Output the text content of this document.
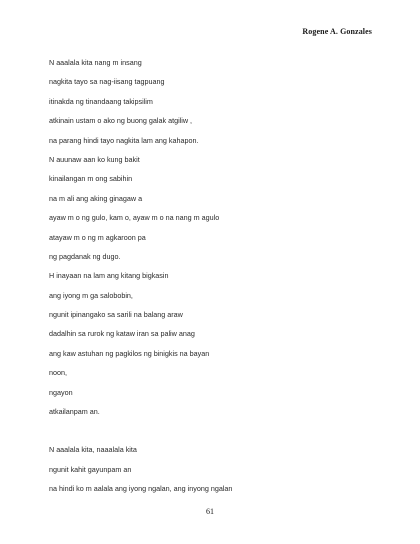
Rogene A. Gonzales
N aaalala kita nang m insang
nagkita tayo sa nag-iisang tagpuang
itinakda ng tinandaang takipsilim
atkinain ustam o ako ng buong galak atgiliw ,
na parang hindi tayo nagkita lam ang kahapon.
N auunaw aan ko kung bakit
kinailangan m ong sabihin
na m ali ang aking ginagaw a
ayaw m o ng gulo, kam o, ayaw m o na nang m agulo
atayaw m o ng m agkaroon pa
ng pagdanak ng dugo.
H inayaan na lam ang kitang bigkasin
ang iyong m ga salobobin,
ngunit ipinangako sa sarili na balang araw
dadalhin sa rurok ng kataw iran sa paliw anag
ang kaw astuhan ng pagkilos ng binigkis na bayan
noon,
ngayon
atkailanpam an.
N aaalala kita, naaalala kita
ngunit kahit gayunpam an
na hindi ko m aalala ang iyong ngalan, ang inyong ngalan
61
